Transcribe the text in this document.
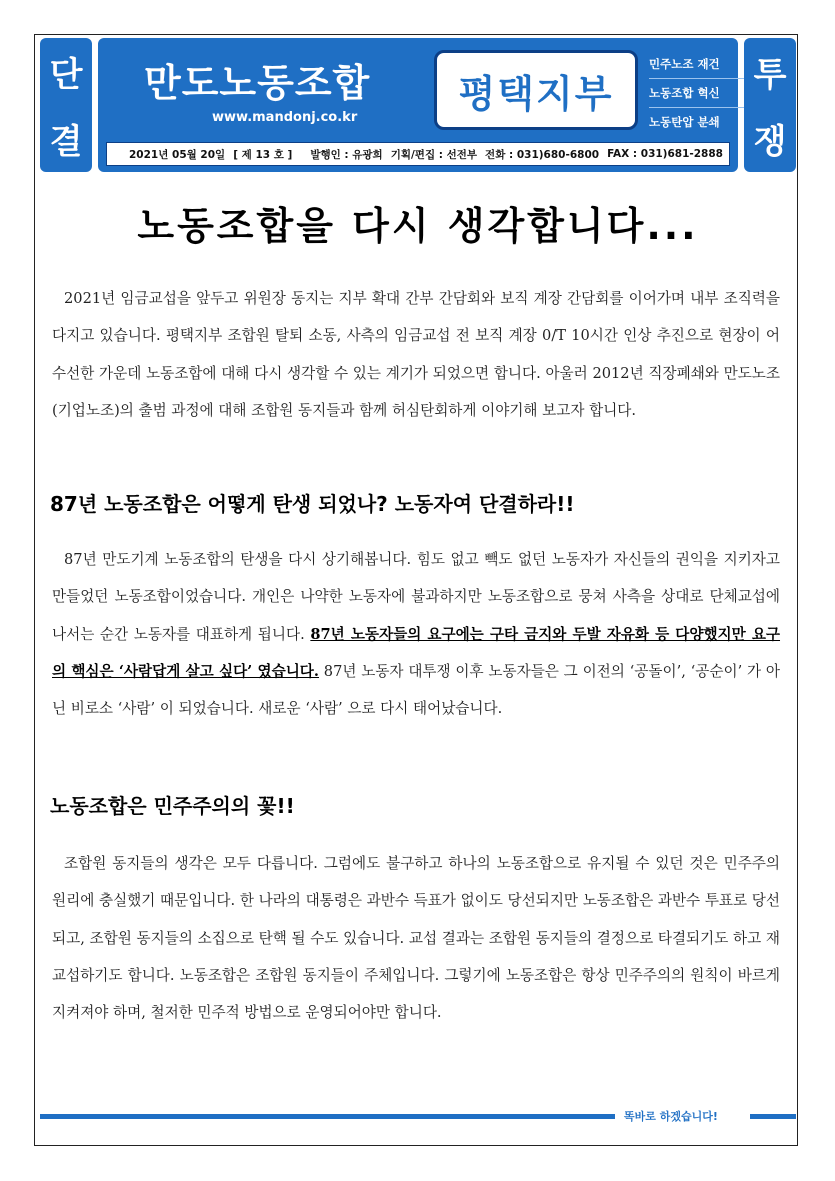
단
결
만도노동조합
www.mandonj.co.kr
평택지부
민주노조 재건
노동조합 혁신
노동탄압 분쇄
2021년 05월 20일 [ 제 13 호 ] 발행인 : 유광희 기획/편집 : 선전부 전화 : 031)680-6800 FAX : 031)681-2888
투
쟁
노동조합을 다시 생각합니다...

2021년 임금교섭을 앞두고 위원장 동지는 지부 확대 간부 간담회와 보직 계장 간담회를 이어가며 내부 조직력을 다지고 있습니다. 평택지부 조합원 탈퇴 소동, 사측의 임금교섭 전 보직 계장 0/T 10시간 인상 추진으로 현장이 어수선한 가운데 노동조합에 대해 다시 생각할 수 있는 계기가 되었으면 합니다. 아울러 2012년 직장폐쇄와 만도노조(기업노조)의 출범 과정에 대해 조합원 동지들과 함께 허심탄회하게 이야기해 보고자 합니다.

87년 노동조합은 어떻게 탄생 되었나? 노동자여 단결하라!!

87년 만도기계 노동조합의 탄생을 다시 상기해봅니다. 힘도 없고 빽도 없던 노동자가 자신들의 권익을 지키자고 만들었던 노동조합이었습니다. 개인은 나약한 노동자에 불과하지만 노동조합으로 뭉쳐 사측을 상대로 단체교섭에 나서는 순간 노동자를 대표하게 됩니다. 87년 노동자들의 요구에는 구타 금지와 두발 자유화 등 다양했지만 요구의 핵심은 ‘사람답게 살고 싶다’ 였습니다. 87년 노동자 대투쟁 이후 노동자들은 그 이전의 ‘공돌이’, ‘공순이’ 가 아닌 비로소 ‘사람’ 이 되었습니다. 새로운 ‘사람’ 으로 다시 태어났습니다.

노동조합은 민주주의의 꽃!!

조합원 동지들의 생각은 모두 다릅니다. 그럼에도 불구하고 하나의 노동조합으로 유지될 수 있던 것은 민주주의 원리에 충실했기 때문입니다. 한 나라의 대통령은 과반수 득표가 없이도 당선되지만 노동조합은 과반수 투표로 당선되고, 조합원 동지들의 소집으로 탄핵 될 수도 있습니다. 교섭 결과는 조합원 동지들의 결정으로 타결되기도 하고 재교섭하기도 합니다. 노동조합은 조합원 동지들이 주체입니다. 그렇기에 노동조합은 항상 민주주의의 원칙이 바르게 지켜져야 하며, 철저한 민주적 방법으로 운영되어야만 합니다.

똑바로 하겠습니다!
